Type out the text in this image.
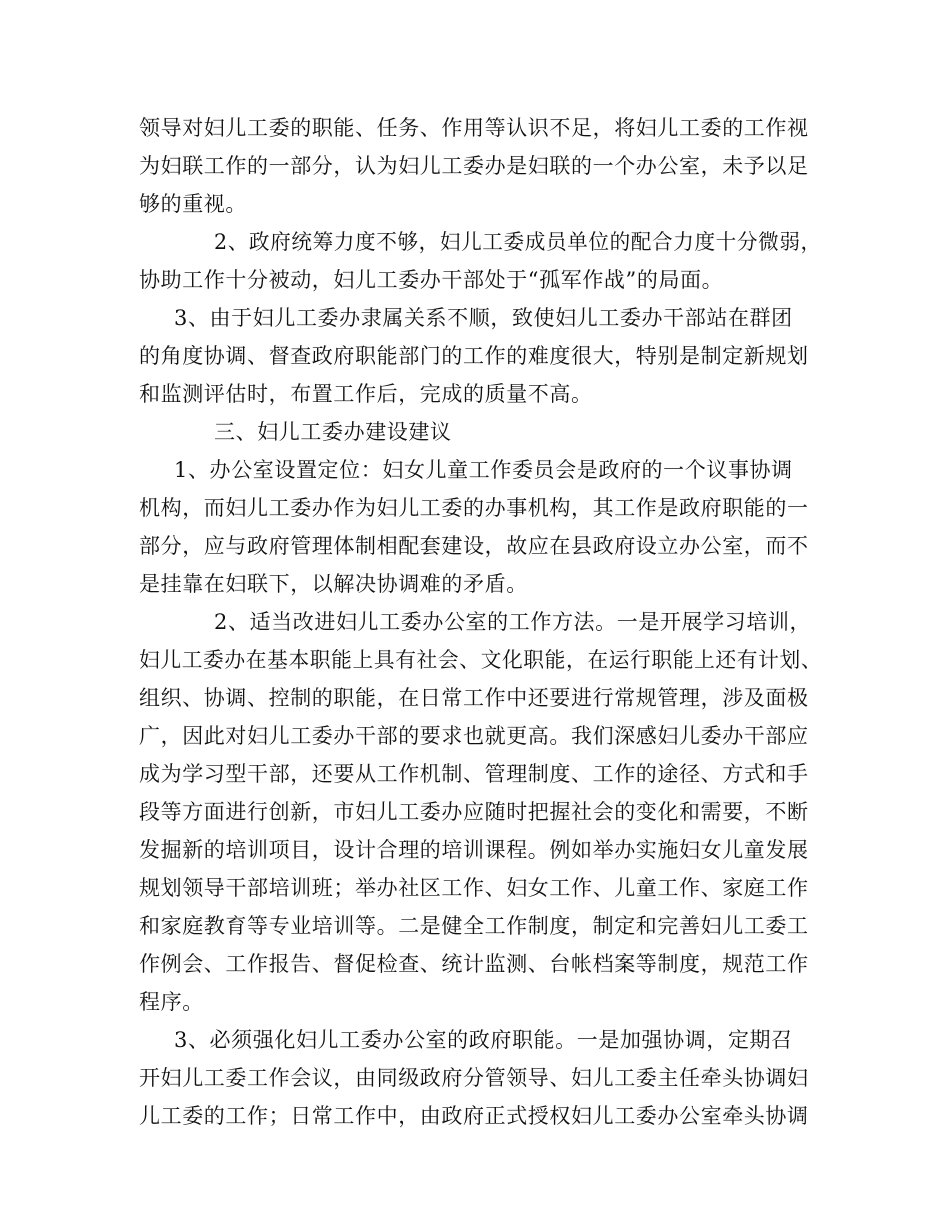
领导对妇儿工委的职能、任务、作用等认识不足，将妇儿工委的工作视

为妇联工作的一部分，认为妇儿工委办是妇联的一个办公室，未予以足

够的重视。

2、政府统筹力度不够，妇儿工委成员单位的配合力度十分微弱，

协助工作十分被动，妇儿工委办干部处于“孤军作战”的局面。

3、由于妇儿工委办隶属关系不顺，致使妇儿工委办干部站在群团

的角度协调、督查政府职能部门的工作的难度很大，特别是制定新规划

和监测评估时，布置工作后，完成的质量不高。

三、妇儿工委办建设建议

1、办公室设置定位：妇女儿童工作委员会是政府的一个议事协调

机构，而妇儿工委办作为妇儿工委的办事机构，其工作是政府职能的一

部分，应与政府管理体制相配套建设，故应在县政府设立办公室，而不

是挂靠在妇联下，以解决协调难的矛盾。

2、适当改进妇儿工委办公室的工作方法。一是开展学习培训，

妇儿工委办在基本职能上具有社会、文化职能，在运行职能上还有计划、

组织、协调、控制的职能，在日常工作中还要进行常规管理，涉及面极

广，因此对妇儿工委办干部的要求也就更高。我们深感妇儿委办干部应

成为学习型干部，还要从工作机制、管理制度、工作的途径、方式和手

段等方面进行创新，市妇儿工委办应随时把握社会的变化和需要，不断

发掘新的培训项目，设计合理的培训课程。例如举办实施妇女儿童发展

规划领导干部培训班；举办社区工作、妇女工作、儿童工作、家庭工作

和家庭教育等专业培训等。二是健全工作制度，制定和完善妇儿工委工

作例会、工作报告、督促检查、统计监测、台帐档案等制度，规范工作

程序。

3、必须强化妇儿工委办公室的政府职能。一是加强协调，定期召

开妇儿工委工作会议，由同级政府分管领导、妇儿工委主任牵头协调妇

儿工委的工作；日常工作中，由政府正式授权妇儿工委办公室牵头协调
